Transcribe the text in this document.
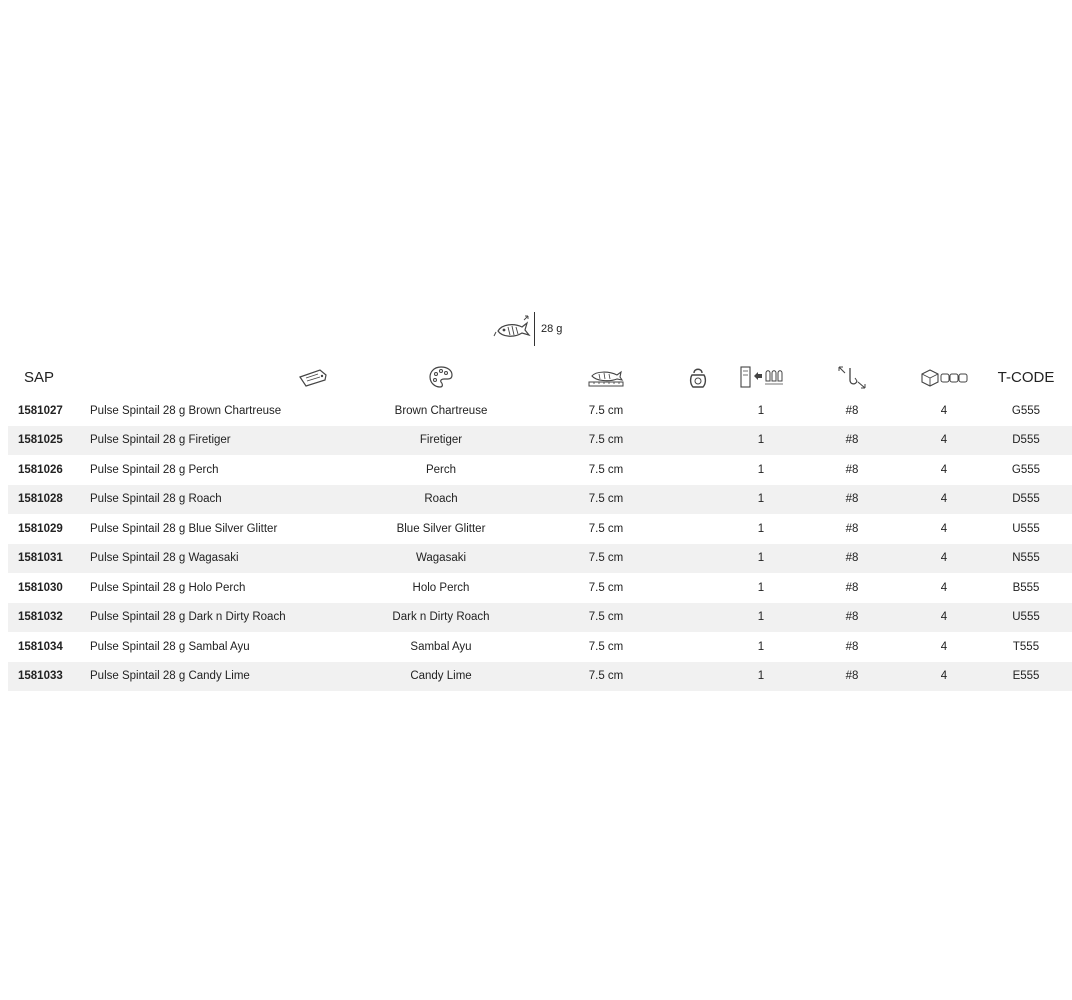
28 g
SAP								T-CODE
1581027	Pulse Spintail 28 g Brown Chartreuse	Brown Chartreuse	7.5 cm		1	#8	4	G555
1581025	Pulse Spintail 28 g Firetiger	Firetiger	7.5 cm		1	#8	4	D555
1581026	Pulse Spintail 28 g Perch	Perch	7.5 cm		1	#8	4	G555
1581028	Pulse Spintail 28 g Roach	Roach	7.5 cm		1	#8	4	D555
1581029	Pulse Spintail 28 g Blue Silver Glitter	Blue Silver Glitter	7.5 cm		1	#8	4	U555
1581031	Pulse Spintail 28 g Wagasaki	Wagasaki	7.5 cm		1	#8	4	N555
1581030	Pulse Spintail 28 g Holo Perch	Holo Perch	7.5 cm		1	#8	4	B555
1581032	Pulse Spintail 28 g Dark n Dirty Roach	Dark n Dirty Roach	7.5 cm		1	#8	4	U555
1581034	Pulse Spintail 28 g Sambal Ayu	Sambal Ayu	7.5 cm		1	#8	4	T555
1581033	Pulse Spintail 28 g Candy Lime	Candy Lime	7.5 cm		1	#8	4	E555
